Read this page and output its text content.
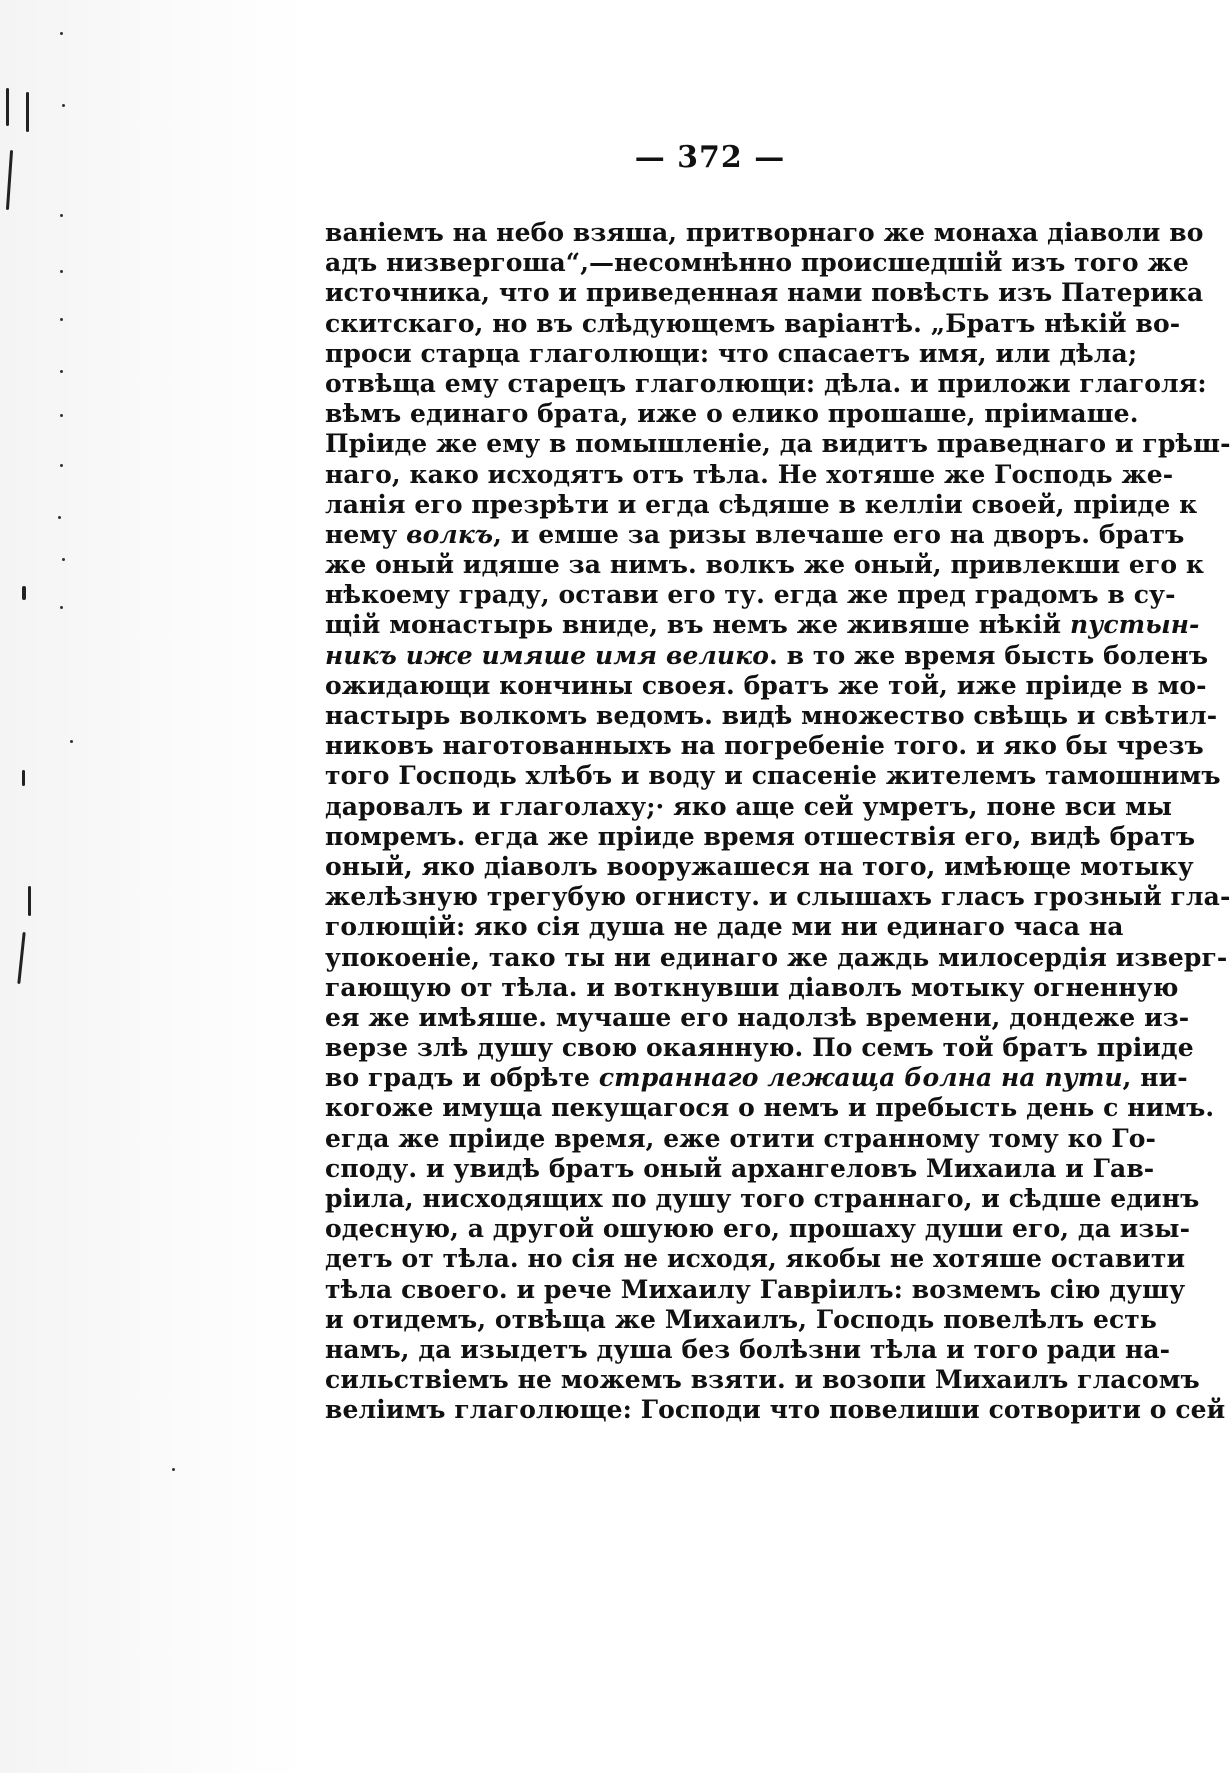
— 372 —
ваніемъ на небо взяша, притворнаго же монаха діаволи во
адъ низвергоша“,—несомнѣнно происшедшій изъ того же
источника, что и приведенная нами повѣсть изъ Патерика
скитскаго, но въ слѣдующемъ варіантѣ. „Братъ нѣкій во-
проси старца глаголющи: что спасаетъ имя, или дѣла;
отвѣща ему старецъ глаголющи: дѣла. и приложи глаголя:
вѣмъ единаго брата, иже о елико прошаше, пріимаше.
Пріиде же ему в помышленіе, да видитъ праведнаго и грѣш-
наго, како исходятъ отъ тѣла. Не хотяше же Господь же-
ланія его презрѣти и егда сѣдяше в келліи своей, пріиде к
нему волкъ, и емше за ризы влечаше его на дворъ. братъ
же оный идяше за нимъ. волкъ же оный, привлекши его к
нѣкоему граду, остави его ту. егда же пред градомъ в су-
щій монастырь вниде, въ немъ же живяше нѣкій пустын-
никъ иже имяше имя велико. в то же время бысть боленъ
ожидающи кончины своея. братъ же той, иже пріиде в мо-
настырь волкомъ ведомъ. видѣ множество свѣщь и свѣтил-
никовъ наготованныхъ на погребеніе того. и яко бы чрезъ
того Господь хлѣбъ и воду и спасеніе жителемъ тамошнимъ
даровалъ и глаголаху;· яко аще сей умретъ, поне вси мы
помремъ. егда же пріиде время отшествія его, видѣ братъ
оный, яко діаволъ вооружашеся на того, имѣюще мотыку
желѣзную трегубую огнисту. и слышахъ гласъ грозный гла-
голющій: яко сія душа не даде ми ни единаго часа на
упокоеніе, тако ты ни единаго же даждь милосердія изверг-
гающую от тѣла. и воткнувши діаволъ мотыку огненную
ея же имѣяше. мучаше его надолзѣ времени, дондеже из-
верзе злѣ душу свою окаянную. По семъ той братъ пріиде
во градъ и обрѣте страннаго лежаща болна на пути, ни-
когоже имуща пекущагося о немъ и пребысть день с нимъ.
егда же пріиде время, еже отити странному тому ко Го-
споду. и увидѣ братъ оный архангеловъ Михаила и Гав-
ріила, нисходящих по душу того страннаго, и сѣдше единъ
одесную, а другой ошуюю его, прошаху души его, да изы-
детъ от тѣла. но сія не исходя, якобы не хотяше оставити
тѣла своего. и рече Михаилу Гавріилъ: возмемъ сію душу
и отидемъ, отвѣща же Михаилъ, Господь повелѣлъ есть
намъ, да изыдетъ душа без болѣзни тѣла и того ради на-
сильствіемъ не можемъ взяти. и возопи Михаилъ гласомъ
веліимъ глаголюще: Господи что повелиши сотворити о сей
